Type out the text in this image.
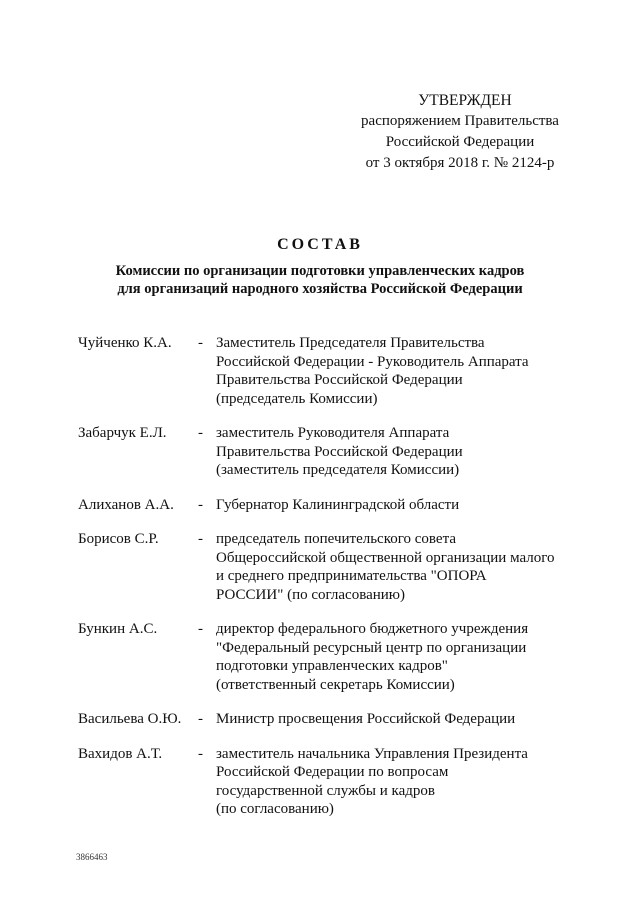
УТВЕРЖДЕН
распоряжением Правительства
Российской Федерации
от 3 октября 2018 г. № 2124-р
СОСТАВ
Комиссии по организации подготовки управленческих кадров
для организаций народного хозяйства Российской Федерации
Чуйченко К.А.	- Заместитель Председателя Правительства
Российской Федерации - Руководитель Аппарата
Правительства Российской Федерации
(председатель Комиссии)
Забарчук Е.Л.	- заместитель Руководителя Аппарата
Правительства Российской Федерации
(заместитель председателя Комиссии)
Алиханов А.А.	- Губернатор Калининградской области
Борисов С.Р.	- председатель попечительского совета
Общероссийской общественной организации малого
и среднего предпринимательства "ОПОРА
РОССИИ" (по согласованию)
Бункин А.С.	- директор федерального бюджетного учреждения
"Федеральный ресурсный центр по организации
подготовки управленческих кадров"
(ответственный секретарь Комиссии)
Васильева О.Ю.	- Министр просвещения Российской Федерации
Вахидов А.Т.	- заместитель начальника Управления Президента
Российской Федерации по вопросам
государственной службы и кадров
(по согласованию)
3866463
